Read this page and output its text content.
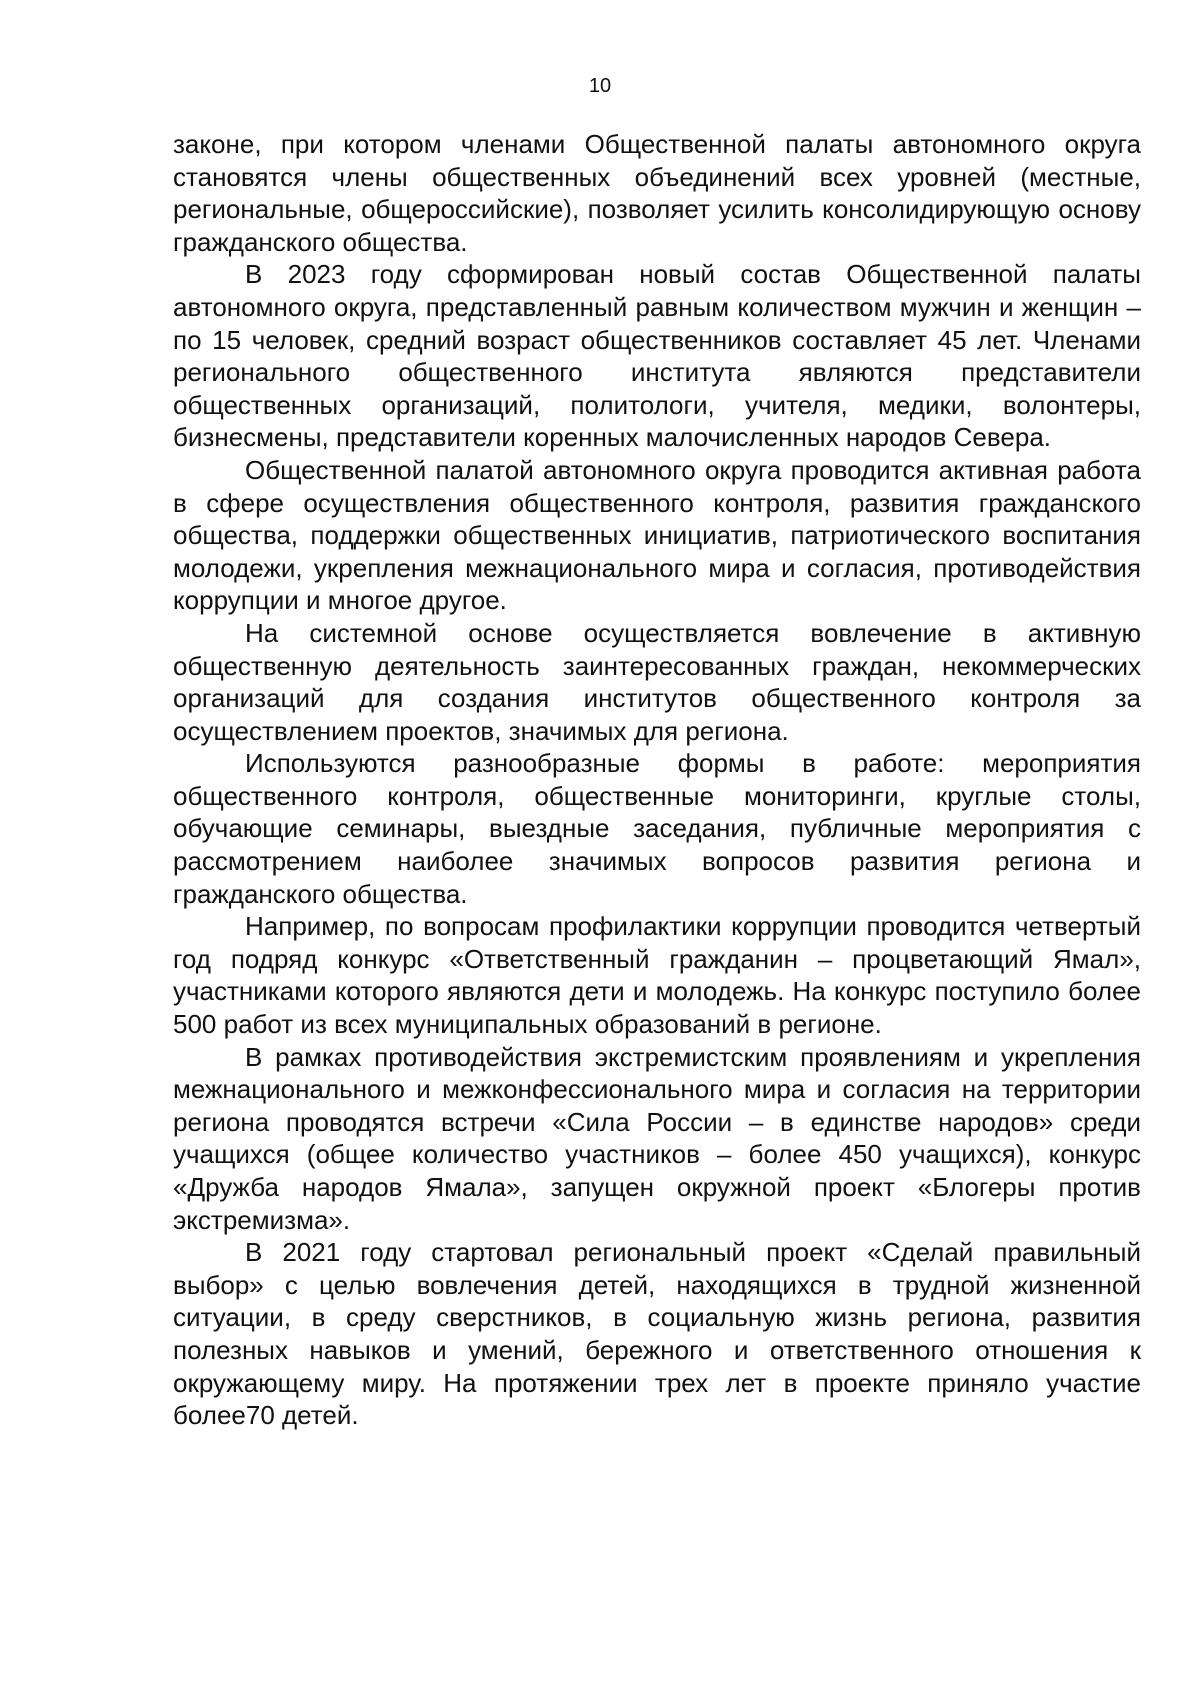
10

законе, при котором членами Общественной палаты автономного округа становятся члены общественных объединений всех уровней (местные, региональные, общероссийские), позволяет усилить консолидирующую основу гражданского общества.

В 2023 году сформирован новый состав Общественной палаты автономного округа, представленный равным количеством мужчин и женщин – по 15 человек, средний возраст общественников составляет 45 лет. Членами регионального общественного института являются представители общественных организаций, политологи, учителя, медики, волонтеры, бизнесмены, представители коренных малочисленных народов Севера.

Общественной палатой автономного округа проводится активная работа в сфере осуществления общественного контроля, развития гражданского общества, поддержки общественных инициатив, патриотического воспитания молодежи, укрепления межнационального мира и согласия, противодействия коррупции и многое другое.

На системной основе осуществляется вовлечение в активную общественную деятельность заинтересованных граждан, некоммерческих организаций для создания институтов общественного контроля за осуществлением проектов, значимых для региона.

Используются разнообразные формы в работе: мероприятия общественного контроля, общественные мониторинги, круглые столы, обучающие семинары, выездные заседания, публичные мероприятия с рассмотрением наиболее значимых вопросов развития региона и гражданского общества.

Например, по вопросам профилактики коррупции проводится четвертый год подряд конкурс «Ответственный гражданин – процветающий Ямал», участниками которого являются дети и молодежь. На конкурс поступило более 500 работ из всех муниципальных образований в регионе.

В рамках противодействия экстремистским проявлениям и укрепления межнационального и межконфессионального мира и согласия на территории региона проводятся встречи «Сила России – в единстве народов» среди учащихся (общее количество участников – более 450 учащихся), конкурс «Дружба народов Ямала», запущен окружной проект «Блогеры против экстремизма».

В 2021 году стартовал региональный проект «Сделай правильный выбор» с целью вовлечения детей, находящихся в трудной жизненной ситуации, в среду сверстников, в социальную жизнь региона, развития полезных навыков и умений, бережного и ответственного отношения к окружающему миру. На протяжении трех лет в проекте приняло участие более70 детей.
